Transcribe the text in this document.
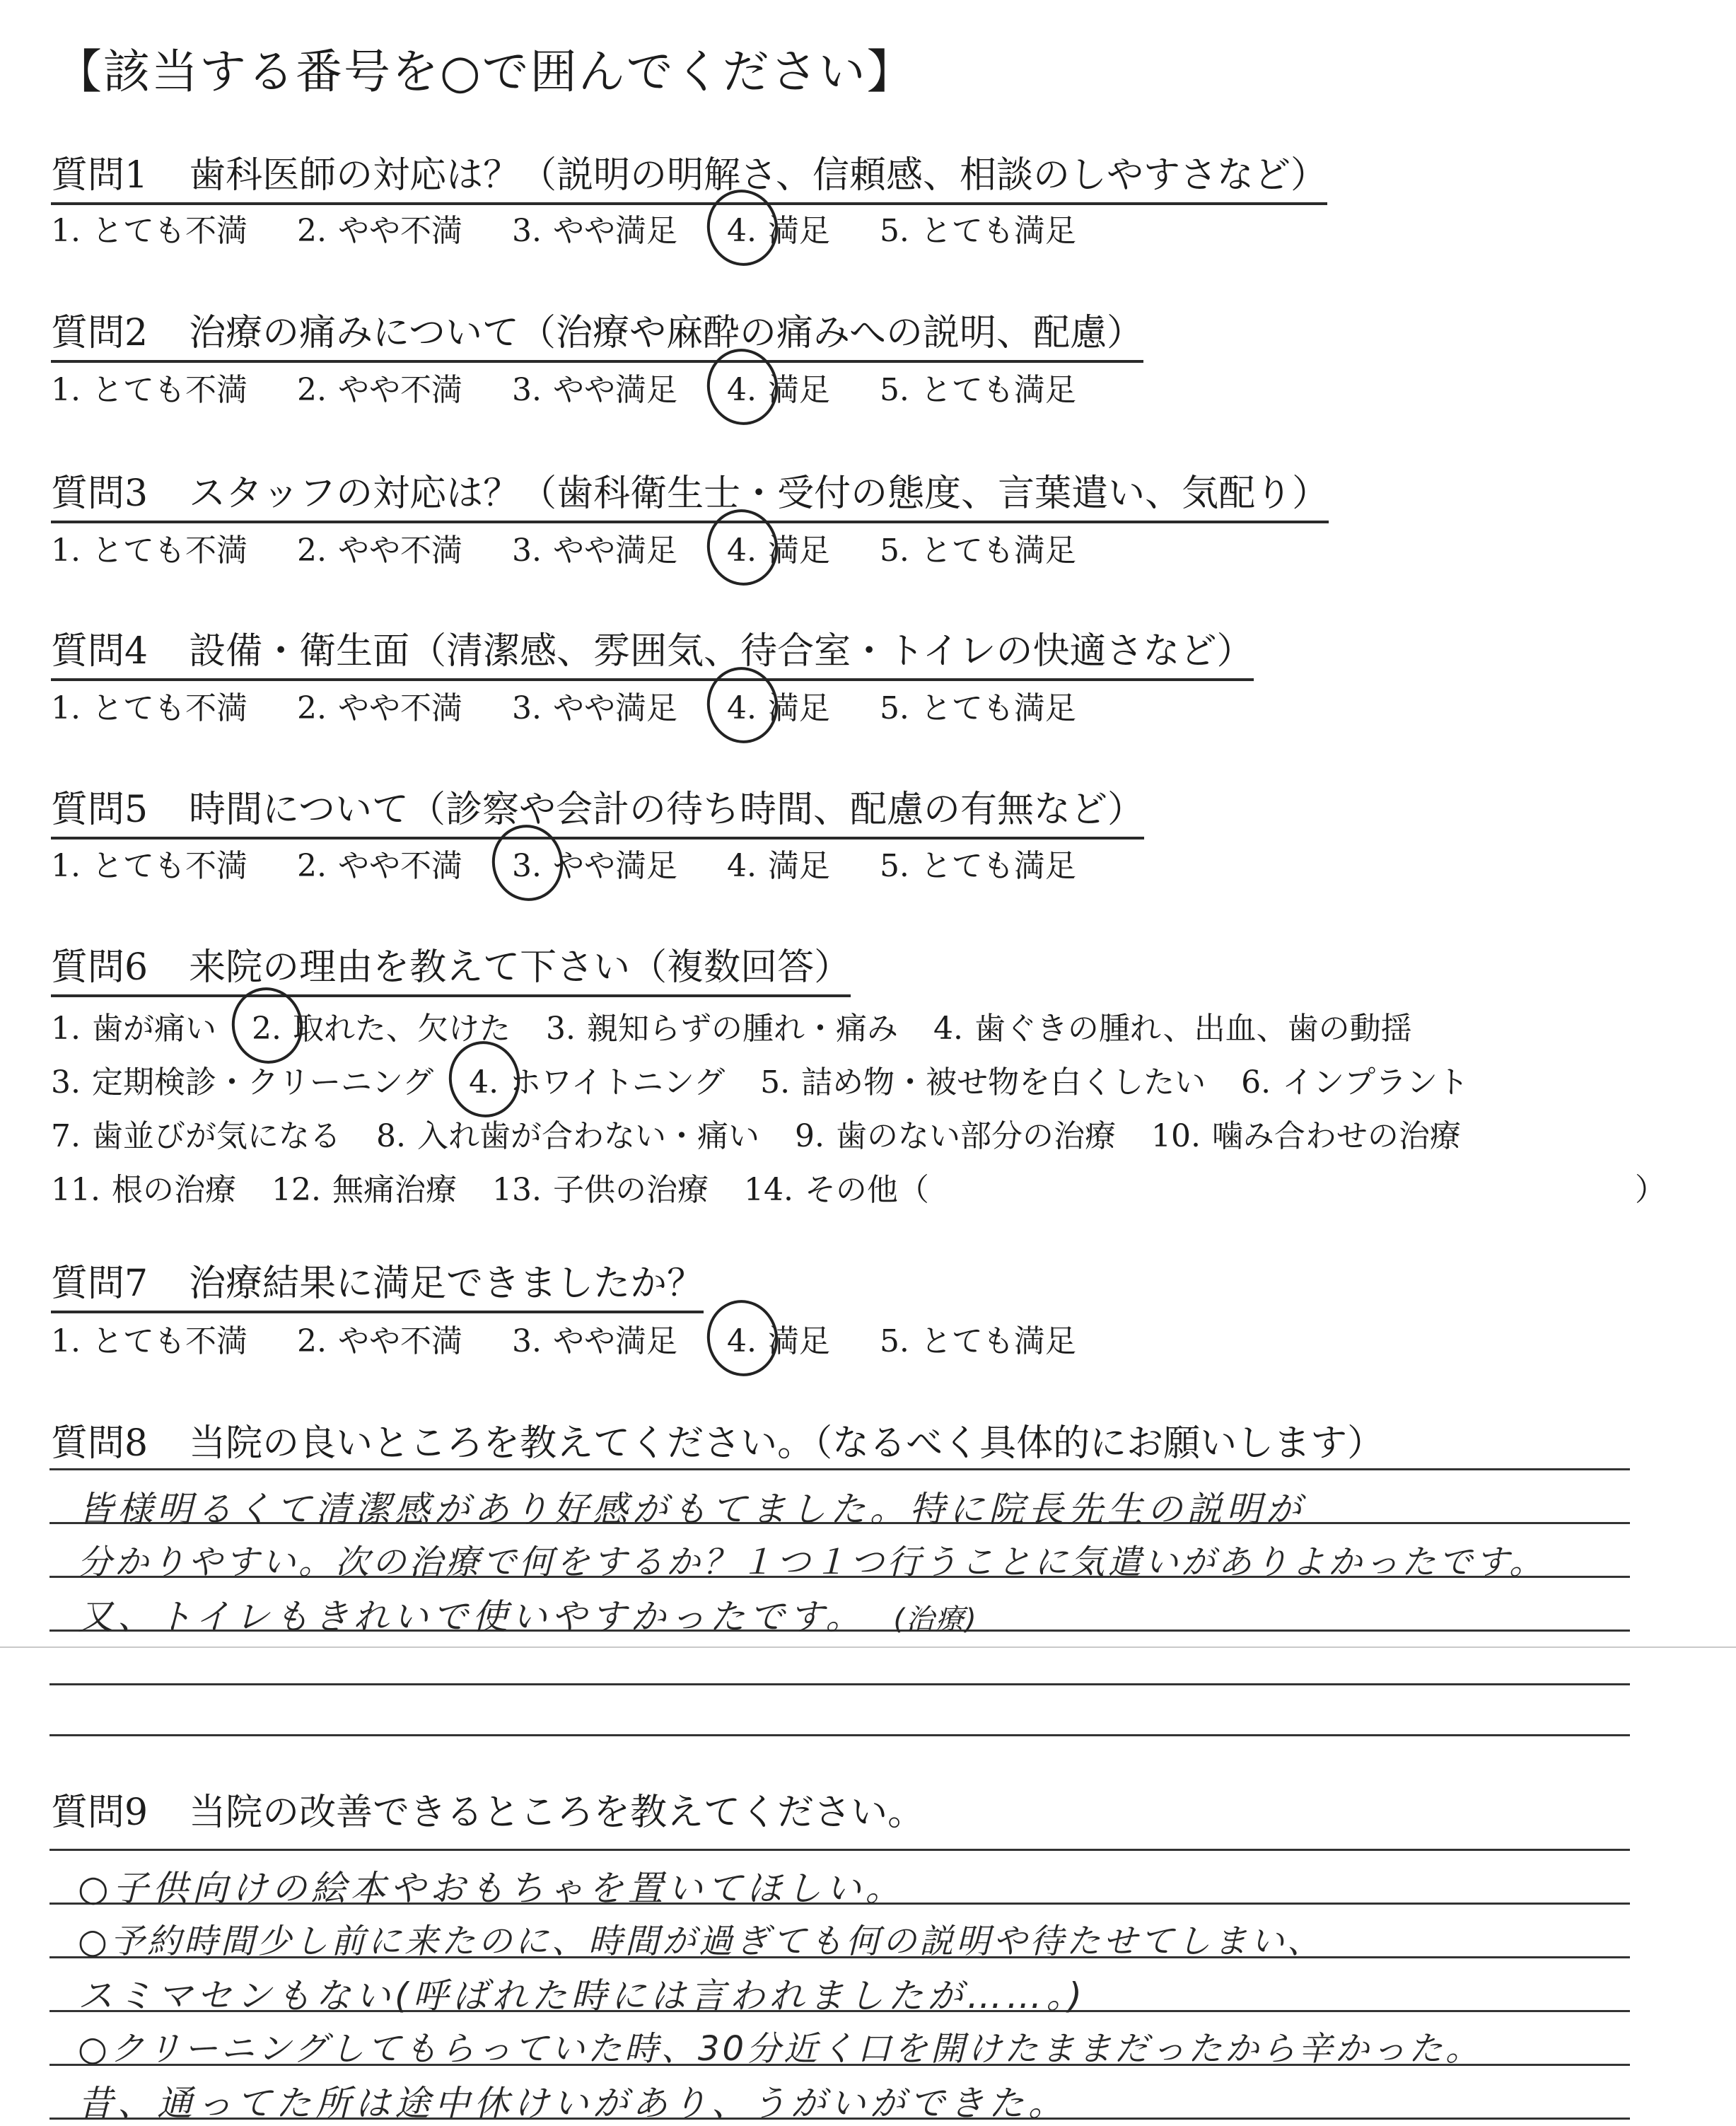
【該当する番号を○で囲んでください】
質問1 歯科医師の対応は？（説明の明解さ、信頼感、相談のしやすさなど）
1. とても不満 2. やや不満 3. やや満足 4. 満足 5. とても満足
質問2 治療の痛みについて（治療や麻酔の痛みへの説明、配慮）
1. とても不満 2. やや不満 3. やや満足 4. 満足 5. とても満足
質問3 スタッフの対応は？（歯科衛生士・受付の態度、言葉遣い、気配り）
1. とても不満 2. やや不満 3. やや満足 4. 満足 5. とても満足
質問4 設備・衛生面（清潔感、雰囲気、待合室・トイレの快適さなど）
1. とても不満 2. やや不満 3. やや満足 4. 満足 5. とても満足
質問5 時間について（診察や会計の待ち時間、配慮の有無など）
1. とても不満 2. やや不満 3. やや満足 4. 満足 5. とても満足
質問6 来院の理由を教えて下さい（複数回答）
1. 歯が痛い 2. 取れた、欠けた 3. 親知らずの腫れ・痛み 4. 歯ぐきの腫れ、出血、歯の動揺
3. 定期検診・クリーニング 4. ホワイトニング 5. 詰め物・被せ物を白くしたい 6. インプラント
7. 歯並びが気になる 8. 入れ歯が合わない・痛い 9. 歯のない部分の治療 10. 噛み合わせの治療
11. 根の治療 12. 無痛治療 13. 子供の治療 14. その他（	）
質問7 治療結果に満足できましたか？
1. とても不満 2. やや不満 3. やや満足 4. 満足 5. とても満足
質問8 当院の良いところを教えてください。（なるべく具体的にお願いします）
皆様明るくて清潔感があり好感がもてました。特に院長先生の説明が
分かりやすい。次の治療で何をするか？１つ１つ行うことに気遣いがありよかったです。
又、トイレもきれいで使いやすかったです。 (治療)
質問9 当院の改善できるところを教えてください。
○子供向けの絵本やおもちゃを置いてほしい。
○予約時間少し前に来たのに、時間が過ぎても何の説明や待たせてしまい、
スミマセンもない(呼ばれた時には言われましたが……。)
○クリーニングしてもらっていた時、30分近く口を開けたままだったから辛かった。
昔、通ってた所は途中休けいがあり、うがいができた。
